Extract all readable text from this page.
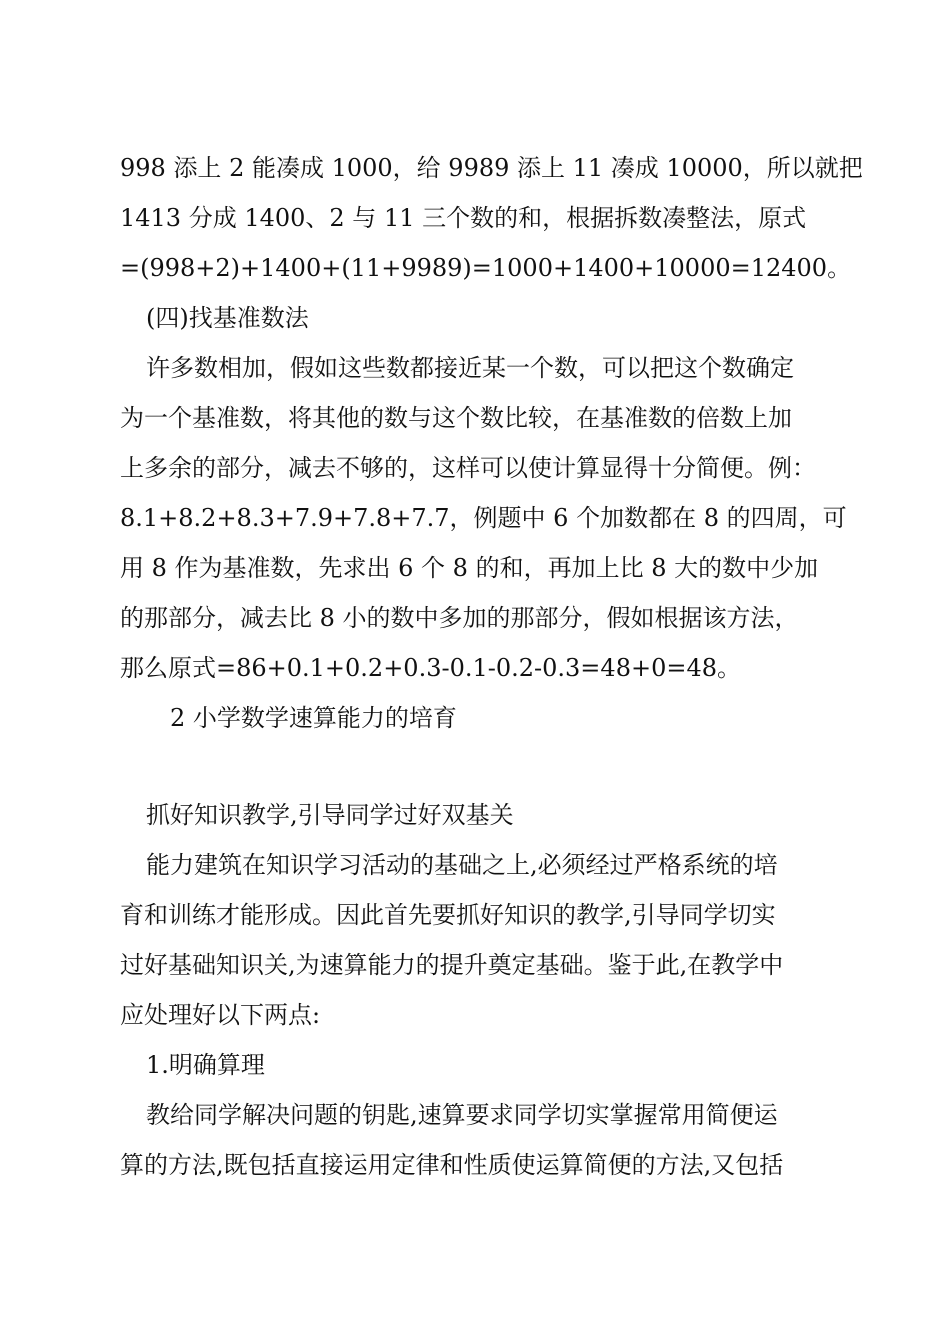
998 添上 2 能凑成 1000，给 9989 添上 11 凑成 10000，所以就把
1413 分成 1400、2 与 11 三个数的和，根据拆数凑整法，原式
=(998+2)+1400+(11+9989)=1000+1400+10000=12400。
(四)找基准数法
许多数相加，假如这些数都接近某一个数，可以把这个数确定
为一个基准数，将其他的数与这个数比较，在基准数的倍数上加
上多余的部分，减去不够的，这样可以使计算显得十分简便。例：
8.1+8.2+8.3+7.9+7.8+7.7，例题中 6 个加数都在 8 的四周，可
用 8 作为基准数，先求出 6 个 8 的和，再加上比 8 大的数中少加
的那部分，减去比 8 小的数中多加的那部分，假如根据该方法，
那么原式=86+0.1+0.2+0.3-0.1-0.2-0.3=48+0=48。
2 小学数学速算能力的培育
抓好知识教学,引导同学过好双基关
能力建筑在知识学习活动的基础之上,必须经过严格系统的培
育和训练才能形成。因此首先要抓好知识的教学,引导同学切实
过好基础知识关,为速算能力的提升奠定基础。鉴于此,在教学中
应处理好以下两点:
1.明确算理
教给同学解决问题的钥匙,速算要求同学切实掌握常用简便运
算的方法,既包括直接运用定律和性质使运算简便的方法,又包括
